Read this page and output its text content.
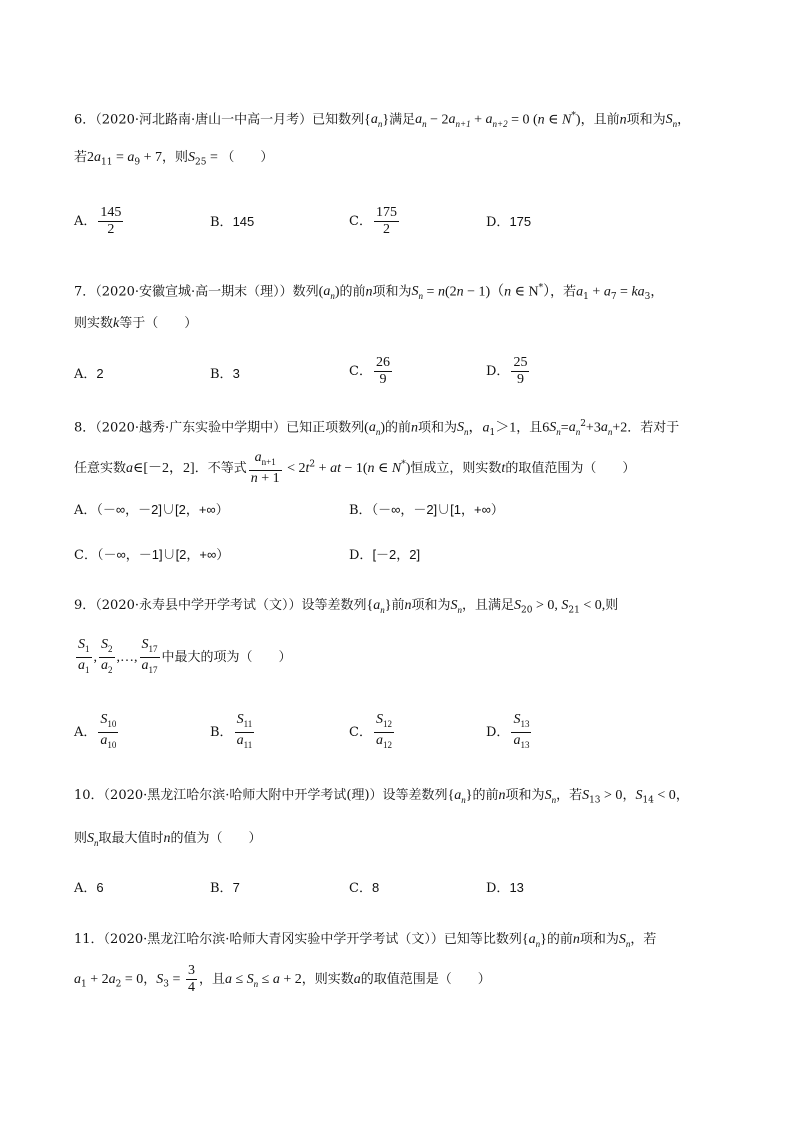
6．（2020·河北路南·唐山一中高一月考）已知数列$\{a_n\}$满足$a_n - 2a_{n+1} + a_{n+2} = 0$ (n ∈ N*)，且前n项和为$S_n$，
若$2a_{11} = a_9 + 7$，则$S_{25}$ = （　　）
A． $\frac{145}{2}$	B．145	C． $\frac{175}{2}$	D．175
7．（2020·安徽宣城·高一期末（理））数列$(a_n)$的前n项和为$S_n = n(2n - 1)(n$ ∈ N*），若$a_1 + a_7 = ka_3$，
则实数k等于（　　）
A．2	B．3	C． $\frac{26}{9}$	D． $\frac{25}{9}$
8．（2020·越秀·广东实验中学期中）已知正项数列$(a_n)$的前n项和为$S_n$，$a_1>1$，且$6S_n=a_n^2+3a_n+2$．若对于
任意实数a∈[－2，2]．不等式 $\frac{a_{n+1}}{n + 1} < 2t^2$ + at − 1(n ∈ N*)恒成立，则实数t的取值范围为（　　）
A．（－∞，－2]∪[2，+∞）	B．（－∞，－2]∪[1，+∞）
C．（－∞，－1]∪[2，+∞）	D．[－2，2]
9．（2020·永寿县中学开学考试（文））设等差数列$\{a_n\}$前n项和为$S_n$，且满足$S_{20} > 0$, $S_{21} < 0$,则
$\frac{S_1}{a_1}$ , $\frac{S_2}{a_2}$ ,…, $\frac{S_{17}}{a_{17}}$ 中最大的项为（　　）
A． $\frac{S_{10}}{a_{10}}$	B． $\frac{S_{11}}{a_{11}}$	C． $\frac{S_{12}}{a_{12}}$	D． $\frac{S_{13}}{a_{13}}$
10．（2020·黑龙江哈尔滨·哈师大附中开学考试(理)）设等差数列$\{a_n\}$的前n项和为$S_n$，若$S_{13} > 0$，$S_{14} < 0$，
则$S_n$取最大值时n的值为（　　）
A．6	B．7	C．8	D．13
11．（2020·黑龙江哈尔滨·哈师大青冈实验中学开学考试（文））已知等比数列$\{a_n\}$的前n项和为$S_n$，若
$a_1 + 2a_2 = 0$，$S_3 = \frac{3}{4}$ ，且$a \le S_n \le a + 2$，则实数a的取值范围是（　　）
